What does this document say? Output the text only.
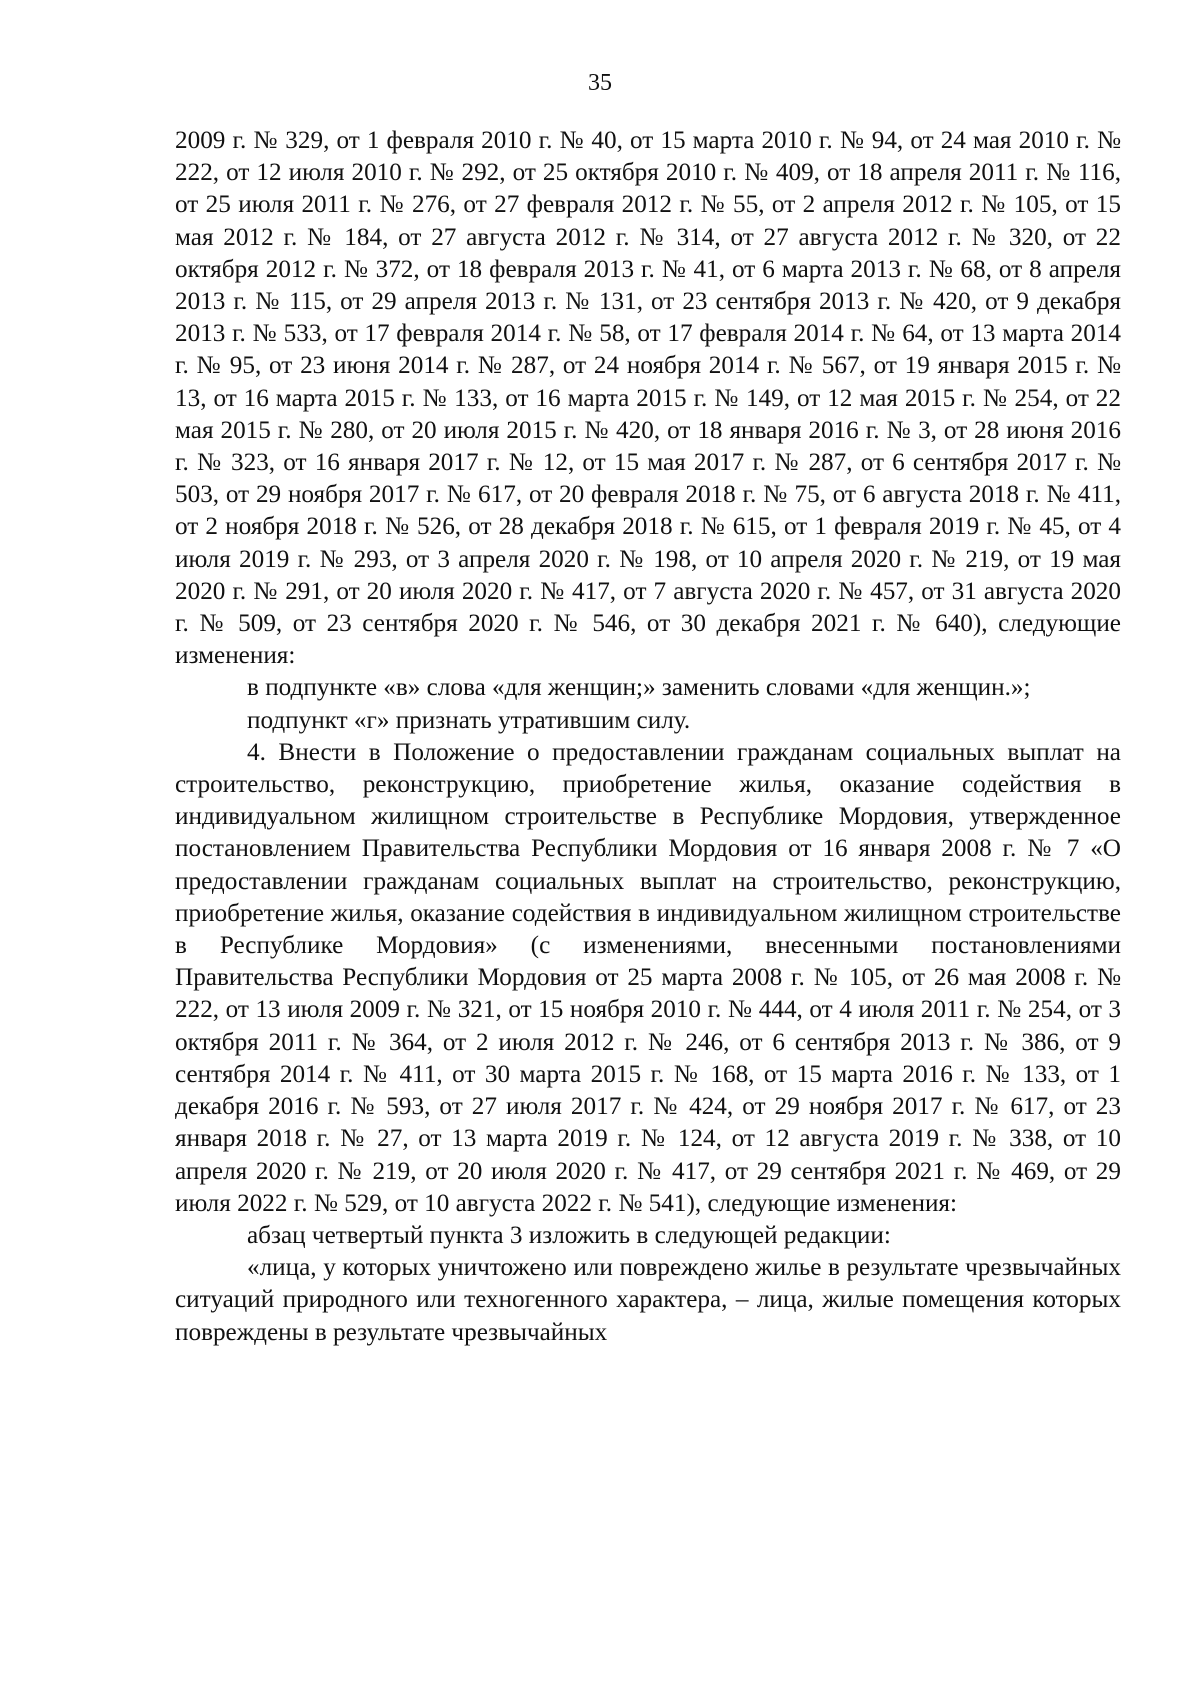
35

2009 г. № 329, от 1 февраля 2010 г. № 40, от 15 марта 2010 г. № 94, от 24 мая 2010 г. № 222, от 12 июля 2010 г. № 292, от 25 октября 2010 г. № 409, от 18 апреля 2011 г. № 116, от 25 июля 2011 г. № 276, от 27 февраля 2012 г. № 55, от 2 апреля 2012 г. № 105, от 15 мая 2012 г. № 184, от 27 августа 2012 г. № 314, от 27 августа 2012 г. № 320, от 22 октября 2012 г. № 372, от 18 февраля 2013 г. № 41, от 6 марта 2013 г. № 68, от 8 апреля 2013 г. № 115, от 29 апреля 2013 г. № 131, от 23 сентября 2013 г. № 420, от 9 декабря 2013 г. № 533, от 17 февраля 2014 г. № 58, от 17 февраля 2014 г. № 64, от 13 марта 2014 г. № 95, от 23 июня 2014 г. № 287, от 24 ноября 2014 г. № 567, от 19 января 2015 г. № 13, от 16 марта 2015 г. № 133, от 16 марта 2015 г. № 149, от 12 мая 2015 г. № 254, от 22 мая 2015 г. № 280, от 20 июля 2015 г. № 420, от 18 января 2016 г. № 3, от 28 июня 2016 г. № 323, от 16 января 2017 г. № 12, от 15 мая 2017 г. № 287, от 6 сентября 2017 г. № 503, от 29 ноября 2017 г. № 617, от 20 февраля 2018 г. № 75, от 6 августа 2018 г. № 411, от 2 ноября 2018 г. № 526, от 28 декабря 2018 г. № 615, от 1 февраля 2019 г. № 45, от 4 июля 2019 г. № 293, от 3 апреля 2020 г. № 198, от 10 апреля 2020 г. № 219, от 19 мая 2020 г. № 291, от 20 июля 2020 г. № 417, от 7 августа 2020 г. № 457, от 31 августа 2020 г. № 509, от 23 сентября 2020 г. № 546, от 30 декабря 2021 г. № 640), следующие изменения:

в подпункте «в» слова «для женщин;» заменить словами «для женщин.»;

подпункт «г» признать утратившим силу.

4. Внести в Положение о предоставлении гражданам социальных выплат на строительство, реконструкцию, приобретение жилья, оказание содействия в индивидуальном жилищном строительстве в Республике Мордовия, утвержденное постановлением Правительства Республики Мордовия от 16 января 2008 г. № 7 «О предоставлении гражданам социальных выплат на строительство, реконструкцию, приобретение жилья, оказание содействия в индивидуальном жилищном строительстве в Республике Мордовия» (с изменениями, внесенными постановлениями Правительства Республики Мордовия от 25 марта 2008 г. № 105, от 26 мая 2008 г. № 222, от 13 июля 2009 г. № 321, от 15 ноября 2010 г. № 444, от 4 июля 2011 г. № 254, от 3 октября 2011 г. № 364, от 2 июля 2012 г. № 246, от 6 сентября 2013 г. № 386, от 9 сентября 2014 г. № 411, от 30 марта 2015 г. № 168, от 15 марта 2016 г. № 133, от 1 декабря 2016 г. № 593, от 27 июля 2017 г. № 424, от 29 ноября 2017 г. № 617, от 23 января 2018 г. № 27, от 13 марта 2019 г. № 124, от 12 августа 2019 г. № 338, от 10 апреля 2020 г. № 219, от 20 июля 2020 г. № 417, от 29 сентября 2021 г. № 469, от 29 июля 2022 г. № 529, от 10 августа 2022 г. № 541), следующие изменения:

абзац четвертый пункта 3 изложить в следующей редакции:

«лица, у которых уничтожено или повреждено жилье в результате чрезвычайных ситуаций природного или техногенного характера, – лица, жилые помещения которых повреждены в результате чрезвычайных
